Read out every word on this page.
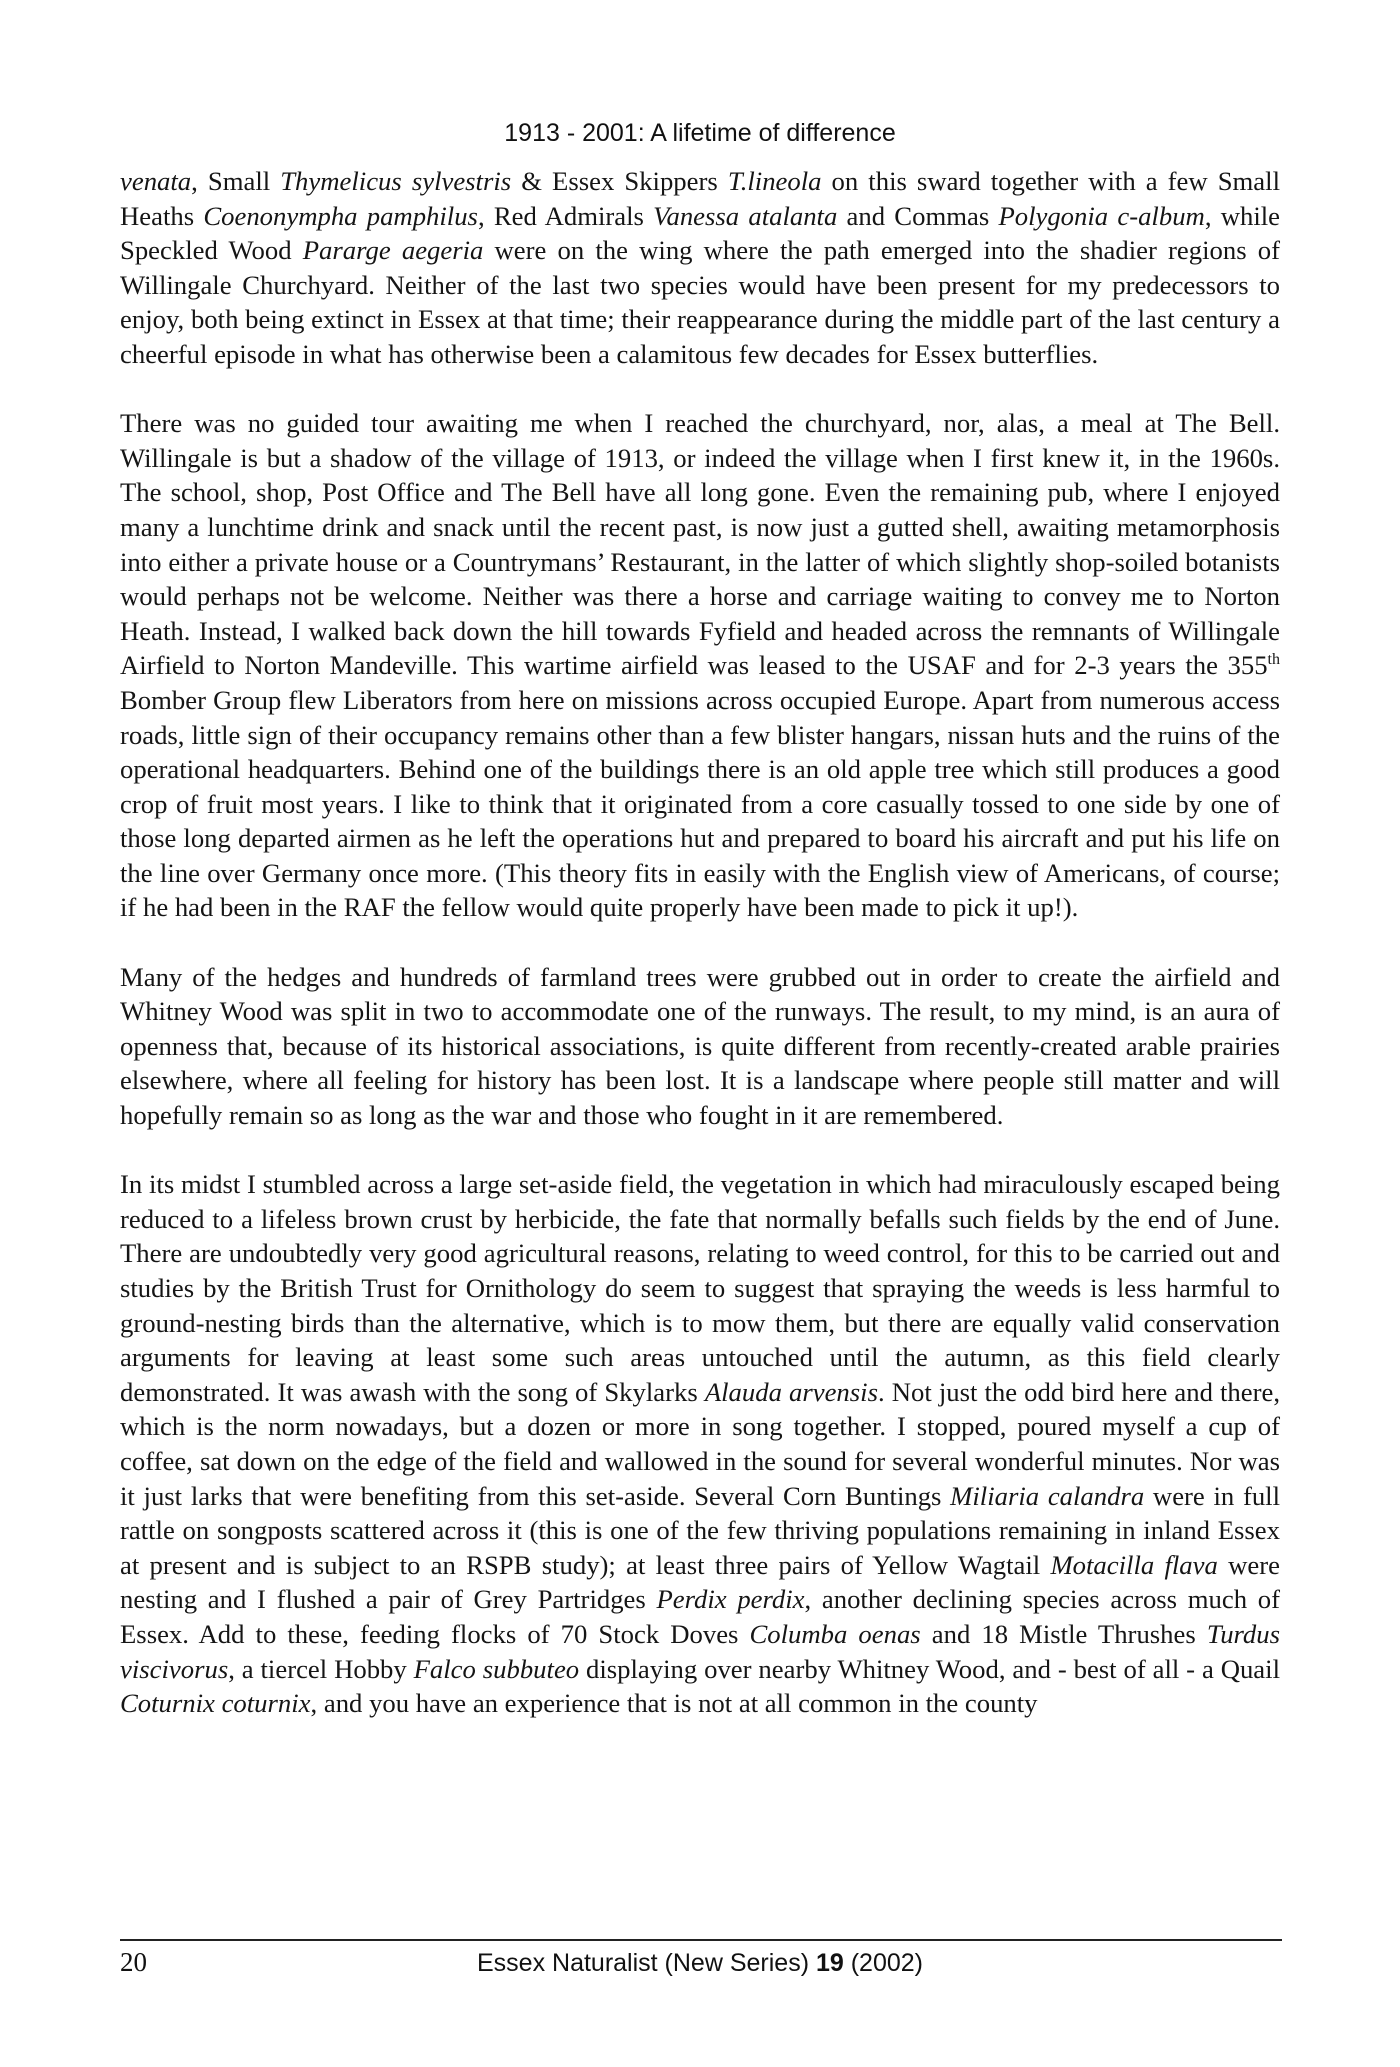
1913 - 2001: A lifetime of difference

venata, Small Thymelicus sylvestris & Essex Skippers T.lineola on this sward together with a few Small Heaths Coenonympha pamphilus, Red Admirals Vanessa atalanta and Commas Polygonia c-album, while Speckled Wood Pararge aegeria were on the wing where the path emerged into the shadier regions of Willingale Churchyard. Neither of the last two species would have been present for my predecessors to enjoy, both being extinct in Essex at that time; their reappearance during the middle part of the last century a cheerful episode in what has otherwise been a calamitous few decades for Essex butterflies.

There was no guided tour awaiting me when I reached the churchyard, nor, alas, a meal at The Bell. Willingale is but a shadow of the village of 1913, or indeed the village when I first knew it, in the 1960s. The school, shop, Post Office and The Bell have all long gone. Even the remaining pub, where I enjoyed many a lunchtime drink and snack until the recent past, is now just a gutted shell, awaiting metamorphosis into either a private house or a Countrymans’ Restaurant, in the latter of which slightly shop-soiled botanists would perhaps not be welcome. Neither was there a horse and carriage waiting to convey me to Norton Heath. Instead, I walked back down the hill towards Fyfield and headed across the remnants of Willingale Airfield to Norton Mandeville. This wartime airfield was leased to the USAF and for 2-3 years the 355th Bomber Group flew Liberators from here on missions across occupied Europe. Apart from numerous access roads, little sign of their occupancy remains other than a few blister hangars, nissan huts and the ruins of the operational headquarters. Behind one of the buildings there is an old apple tree which still produces a good crop of fruit most years. I like to think that it originated from a core casually tossed to one side by one of those long departed airmen as he left the operations hut and prepared to board his aircraft and put his life on the line over Germany once more. (This theory fits in easily with the English view of Americans, of course; if he had been in the RAF the fellow would quite properly have been made to pick it up!).

Many of the hedges and hundreds of farmland trees were grubbed out in order to create the airfield and Whitney Wood was split in two to accommodate one of the runways. The result, to my mind, is an aura of openness that, because of its historical associations, is quite different from recently-created arable prairies elsewhere, where all feeling for history has been lost. It is a landscape where people still matter and will hopefully remain so as long as the war and those who fought in it are remembered.

In its midst I stumbled across a large set-aside field, the vegetation in which had miraculously escaped being reduced to a lifeless brown crust by herbicide, the fate that normally befalls such fields by the end of June. There are undoubtedly very good agricultural reasons, relating to weed control, for this to be carried out and studies by the British Trust for Ornithology do seem to suggest that spraying the weeds is less harmful to ground-nesting birds than the alternative, which is to mow them, but there are equally valid conservation arguments for leaving at least some such areas untouched until the autumn, as this field clearly demonstrated. It was awash with the song of Skylarks Alauda arvensis. Not just the odd bird here and there, which is the norm nowadays, but a dozen or more in song together. I stopped, poured myself a cup of coffee, sat down on the edge of the field and wallowed in the sound for several wonderful minutes. Nor was it just larks that were benefiting from this set-aside. Several Corn Buntings Miliaria calandra were in full rattle on songposts scattered across it (this is one of the few thriving populations remaining in inland Essex at present and is subject to an RSPB study); at least three pairs of Yellow Wagtail Motacilla flava were nesting and I flushed a pair of Grey Partridges Perdix perdix, another declining species across much of Essex. Add to these, feeding flocks of 70 Stock Doves Columba oenas and 18 Mistle Thrushes Turdus viscivorus, a tiercel Hobby Falco subbuteo displaying over nearby Whitney Wood, and - best of all - a Quail Coturnix coturnix, and you have an experience that is not at all common in the county

20	Essex Naturalist (New Series) 19 (2002)
